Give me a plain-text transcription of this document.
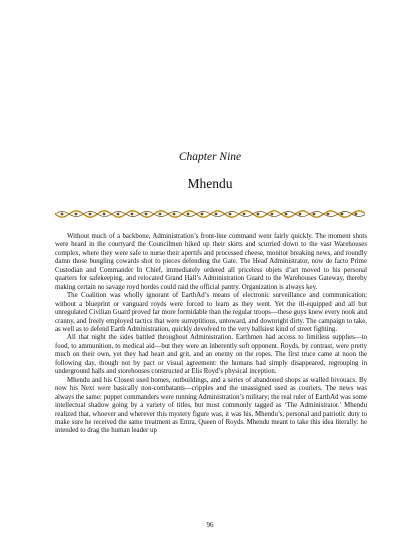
Chapter Nine
Mhendu

Without much of a backbone, Administration’s front-line command went fairly quickly. The moment shots were heard in the courtyard the Councilmen hiked up their skirts and scurried down to the vast Warehouses complex, where they were safe to nurse their apertifs and processed cheese, monitor breaking news, and roundly damn those bungling cowards shot to pieces defending the Gate. The Head Administrator, now de facto Prime Custodian and Commander In Chief, immediately ordered all priceless objets d’art moved to his personal quarters for safekeeping, and relocated Grand Hall’s Administration Guard to the Warehouses Gateway, thereby making certain no savage royd hordes could raid the official pantry. Organization is always key.

The Coalition was wholly ignorant of EarthAd’s means of electronic surveillance and communication; without a blueprint or vanguard royds were forced to learn as they went. Yet the ill-equipped and all but unregulated Civilian Guard proved far more formidable than the regular troops—these guys knew every nook and cranny, and freely employed tactics that were surreptitious, untoward, and downright dirty. The campaign to take, as well as to defend Earth Administration, quickly devolved to the very ballsiest kind of street fighting.

All that night the sides battled throughout Administration. Earthmen had access to limitless supplies—to food, to ammunition, to medical aid—but they were an inherently soft opponent. Royds, by contrast, were pretty much on their own, yet they had heart and grit, and an enemy on the ropes. The first truce came at noon the following day, though not by pact or visual agreement: the humans had simply disappeared, regrouping in underground halls and storehouses constructed at Elis Royd’s physical inception.

Mhendu and his Closest used homes, outbuildings, and a series of abandoned shops as walled bivouacs. By now his Next were basically non-combatants—cripples and the unassigned used as couriers. The news was always the same: puppet commanders were running Administration’s military; the real ruler of EarthAd was some intellectual shadow going by a variety of titles, but most commonly tagged as ‘The Administrator.’ Mhendu realized that, whoever and wherever this mystery figure was, it was his, Mhendu’s, personal and patriotic duty to make sure he received the same treatment as Emra, Queen of Royds. Mhendu meant to take this idea literally: he intended to drag the human leader up

96
